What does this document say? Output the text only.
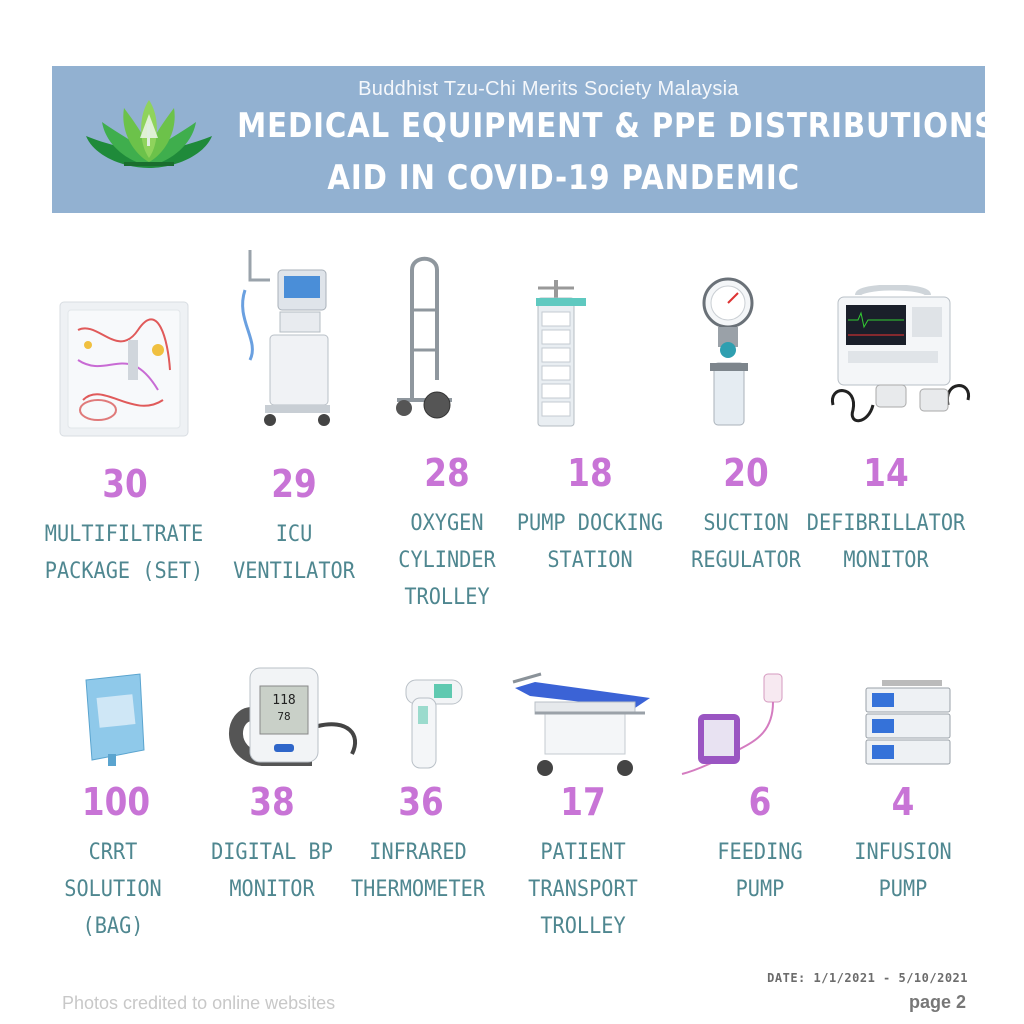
Buddhist Tzu-Chi Merits Society Malaysia
MEDICAL EQUIPMENT & PPE DISTRIBUTIONS
AID IN COVID-19 PANDEMIC
30
MULTIFILTRATE
PACKAGE (SET)
29
ICU
VENTILATOR
28
OXYGEN
CYLINDER
TROLLEY
18
PUMP DOCKING
STATION
20
SUCTION
REGULATOR
14
DEFIBRILLATOR
MONITOR
118
78
100
CRRT
SOLUTION
(BAG)
38
DIGITAL BP
MONITOR
36
INFRARED
THERMOMETER
17
PATIENT
TRANSPORT
TROLLEY
6
FEEDING
PUMP
4
INFUSION
PUMP
DATE: 1/1/2021 - 5/10/2021
Photos credited to online websites	page 2
